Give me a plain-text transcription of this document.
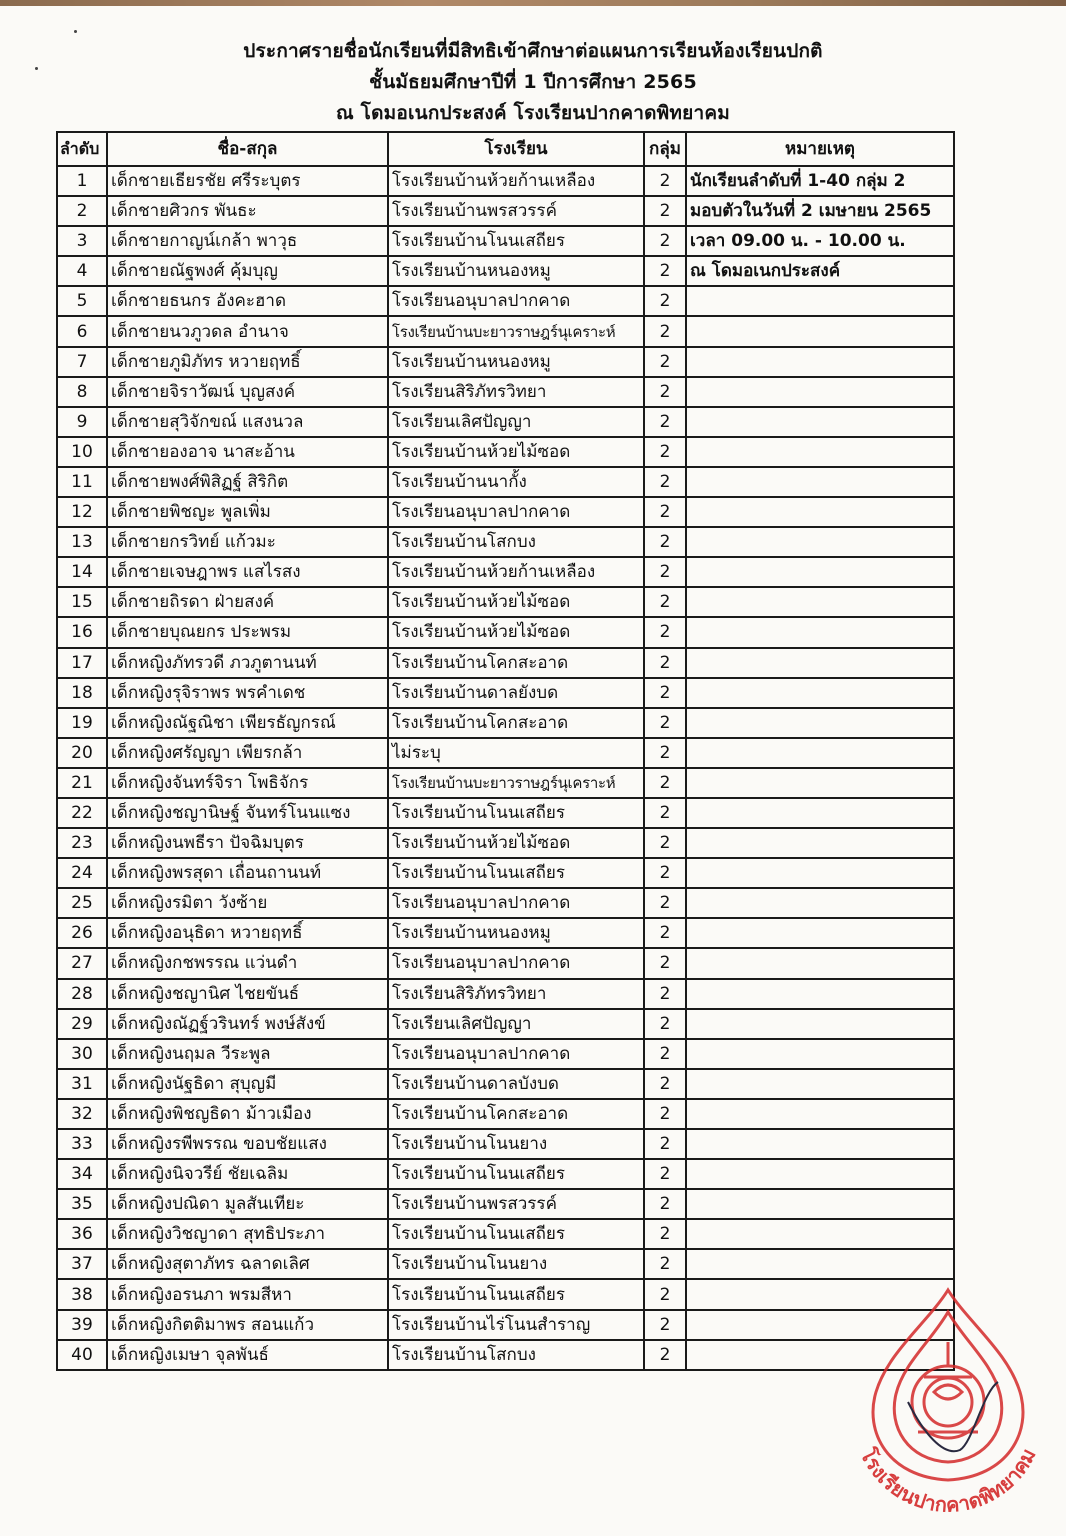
ประกาศรายชื่อนักเรียนที่มีสิทธิเข้าศึกษาต่อแผนการเรียนห้องเรียนปกติ
ชั้นมัธยมศึกษาปีที่ 1 ปีการศึกษา 2565
ณ โดมอเนกประสงค์ โรงเรียนปากคาดพิทยาคม
ลำดับ	ชื่อ-สกุล	โรงเรียน	กลุ่ม	หมายเหตุ
1	เด็กชายเธียรชัย ศรีระบุตร	โรงเรียนบ้านห้วยก้านเหลือง	2	นักเรียนลำดับที่ 1-40 กลุ่ม 2
2	เด็กชายศิวกร พันธะ	โรงเรียนบ้านพรสวรรค์	2	มอบตัวในวันที่ 2 เมษายน 2565
3	เด็กชายกาญน์เกล้า พาวุธ	โรงเรียนบ้านโนนเสถียร	2	เวลา 09.00 น. - 10.00 น.
4	เด็กชายณัฐพงศ์ คุ้มบุญ	โรงเรียนบ้านหนองหมู	2	ณ โดมอเนกประสงค์
5	เด็กชายธนกร อังคะฮาด	โรงเรียนอนุบาลปากคาด	2	
6	เด็กชายนวภูวดล อำนาจ	โรงเรียนบ้านบะยาวราษฎร์นุเคราะห์	2	
7	เด็กชายภูมิภัทร หวายฤทธิ์	โรงเรียนบ้านหนองหมู	2	
8	เด็กชายจิราวัฒน์ บุญสงค์	โรงเรียนสิริภัทรวิทยา	2	
9	เด็กชายสุวิจักขณ์ แสงนวล	โรงเรียนเลิศปัญญา	2	
10	เด็กชายองอาจ นาสะอ้าน	โรงเรียนบ้านห้วยไม้ซอด	2	
11	เด็กชายพงศ์พิสิฏฐ์ สิริกิต	โรงเรียนบ้านนากั้ง	2	
12	เด็กชายพิชญะ พูลเพิ่ม	โรงเรียนอนุบาลปากคาด	2	
13	เด็กชายกรวิทย์ แก้วมะ	โรงเรียนบ้านโสกบง	2	
14	เด็กชายเจษฎาพร แสไรสง	โรงเรียนบ้านห้วยก้านเหลือง	2	
15	เด็กชายถิรดา ฝ่ายสงค์	โรงเรียนบ้านห้วยไม้ซอด	2	
16	เด็กชายบุณยกร ประพรม	โรงเรียนบ้านห้วยไม้ซอด	2	
17	เด็กหญิงภัทรวดี ภวภูตานนท์	โรงเรียนบ้านโคกสะอาด	2	
18	เด็กหญิงรุจิราพร พรคำเดช	โรงเรียนบ้านดาลยังบด	2	
19	เด็กหญิงณัฐณิชา เพียรธัญกรณ์	โรงเรียนบ้านโคกสะอาด	2	
20	เด็กหญิงศรัญญา เพียรกล้า	ไม่ระบุ	2	
21	เด็กหญิงจันทร์จิรา โพธิจักร	โรงเรียนบ้านบะยาวราษฎร์นุเคราะห์	2	
22	เด็กหญิงชญานิษฐ์ จันทร์โนนแซง	โรงเรียนบ้านโนนเสถียร	2	
23	เด็กหญิงนพธีรา ปัจฉิมบุตร	โรงเรียนบ้านห้วยไม้ซอด	2	
24	เด็กหญิงพรสุดา เถื่อนถานนท์	โรงเรียนบ้านโนนเสถียร	2	
25	เด็กหญิงรมิตา วังซ้าย	โรงเรียนอนุบาลปากคาด	2	
26	เด็กหญิงอนุธิดา หวายฤทธิ์	โรงเรียนบ้านหนองหมู	2	
27	เด็กหญิงกชพรรณ แว่นดำ	โรงเรียนอนุบาลปากคาด	2	
28	เด็กหญิงชญานิศ ไชยขันธ์	โรงเรียนสิริภัทรวิทยา	2	
29	เด็กหญิงณัฏฐ์วรินทร์ พงษ์สังข์	โรงเรียนเลิศปัญญา	2	
30	เด็กหญิงนฤมล วีระพูล	โรงเรียนอนุบาลปากคาด	2	
31	เด็กหญิงนัฐธิดา สุบุญมี	โรงเรียนบ้านดาลบังบด	2	
32	เด็กหญิงพิชญธิดา ม้าวเมือง	โรงเรียนบ้านโคกสะอาด	2	
33	เด็กหญิงรพีพรรณ ขอบชัยแสง	โรงเรียนบ้านโนนยาง	2	
34	เด็กหญิงนิจวรีย์ ชัยเฉลิม	โรงเรียนบ้านโนนเสถียร	2	
35	เด็กหญิงปณิดา มูลสันเทียะ	โรงเรียนบ้านพรสวรรค์	2	
36	เด็กหญิงวิชญาดา สุทธิประภา	โรงเรียนบ้านโนนเสถียร	2	
37	เด็กหญิงสุตาภัทร ฉลาดเลิศ	โรงเรียนบ้านโนนยาง	2	
38	เด็กหญิงอรนภา พรมสีหา	โรงเรียนบ้านโนนเสถียร	2	
39	เด็กหญิงกิตติมาพร สอนแก้ว	โรงเรียนบ้านไร่โนนสำราญ	2	
40	เด็กหญิงเมษา จุลพันธ์	โรงเรียนบ้านโสกบง	2	
โรงเรียนปากคาดพิทยาคม
